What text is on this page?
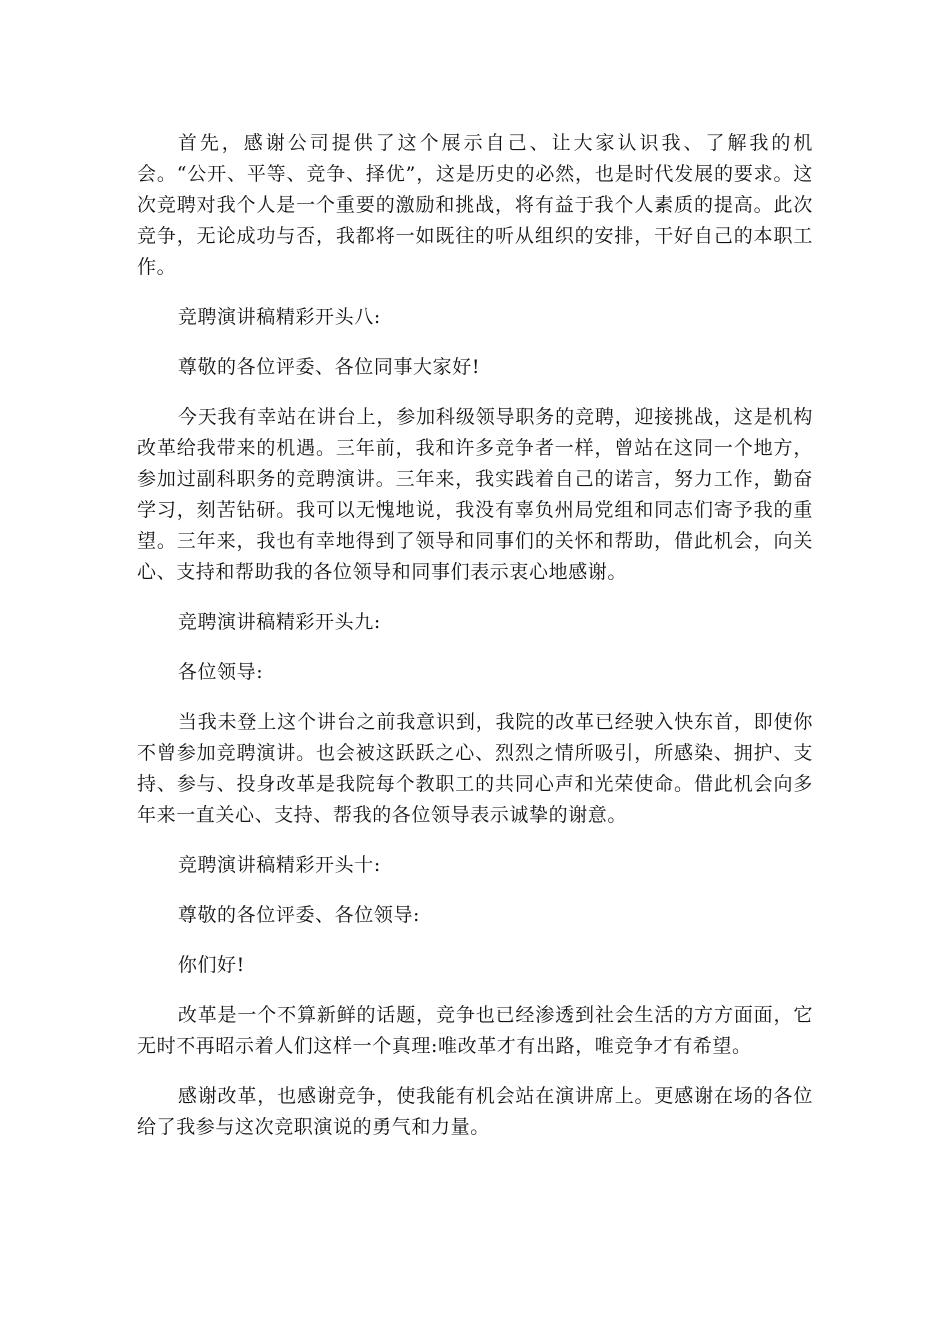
首先，感谢公司提供了这个展示自己、让大家认识我、了解我的机会。“公开、平等、竞争、择优”，这是历史的必然，也是时代发展的要求。这次竞聘对我个人是一个重要的激励和挑战，将有益于我个人素质的提高。此次竞争，无论成功与否，我都将一如既往的听从组织的安排，干好自己的本职工作。

竞聘演讲稿精彩开头八:

尊敬的各位评委、各位同事大家好!

今天我有幸站在讲台上，参加科级领导职务的竞聘，迎接挑战，这是机构改革给我带来的机遇。三年前，我和许多竞争者一样，曾站在这同一个地方，参加过副科职务的竞聘演讲。三年来，我实践着自己的诺言，努力工作，勤奋学习，刻苦钻研。我可以无愧地说，我没有辜负州局党组和同志们寄予我的重望。三年来，我也有幸地得到了领导和同事们的关怀和帮助，借此机会，向关心、支持和帮助我的各位领导和同事们表示衷心地感谢。

竞聘演讲稿精彩开头九:

各位领导:

当我未登上这个讲台之前我意识到，我院的改革已经驶入快东首，即使你不曾参加竞聘演讲。也会被这跃跃之心、烈烈之情所吸引，所感染、拥护、支持、参与、投身改革是我院每个教职工的共同心声和光荣使命。借此机会向多年来一直关心、支持、帮我的各位领导表示诚挚的谢意。

竞聘演讲稿精彩开头十:

尊敬的各位评委、各位领导:

你们好!

改革是一个不算新鲜的话题，竞争也已经渗透到社会生活的方方面面，它无时不再昭示着人们这样一个真理:唯改革才有出路，唯竞争才有希望。

感谢改革，也感谢竞争，使我能有机会站在演讲席上。更感谢在场的各位给了我参与这次竞职演说的勇气和力量。
